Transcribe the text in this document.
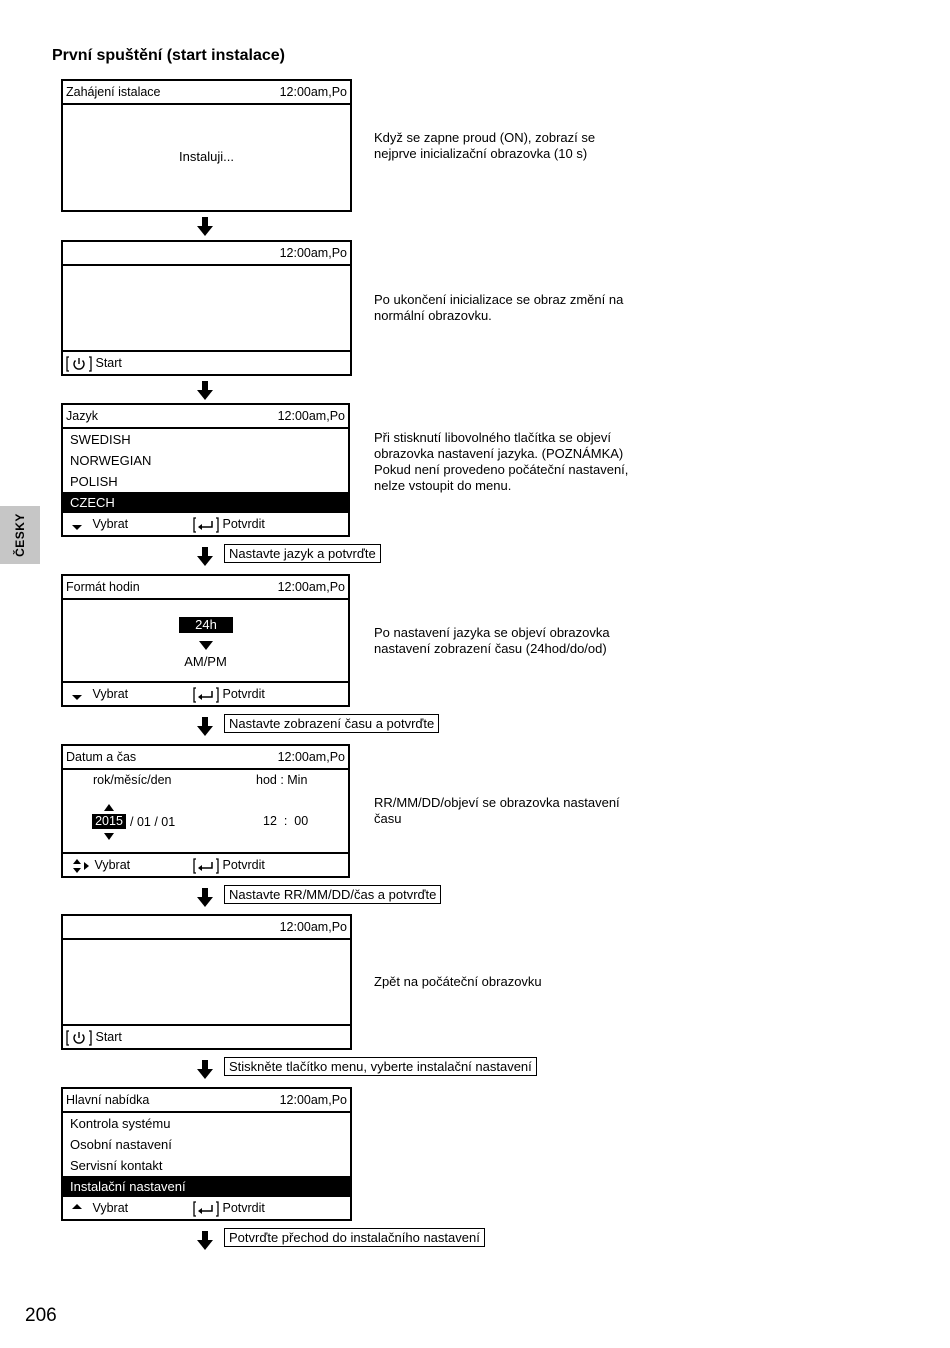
První spuštění (start instalace)
ČESKY
Zahájení istalace	12:00am,Po
Instaluji...
Když se zapne proud (ON), zobrazí se nejprve inicializační obrazovka (10 s)
12:00am,Po
Start
Po ukončení inicializace se obraz změní na normální obrazovku.
Jazyk	12:00am,Po
SWEDISH
NORWEGIAN
POLISH
CZECH
Vybrat	Potvrdit
Při stisknutí libovolného tlačítka se objeví obrazovka nastavení jazyka. (POZNÁMKA) Pokud není provedeno počáteční nastavení, nelze vstoupit do menu.
Nastavte jazyk a potvrďte
Formát hodin	12:00am,Po
24h
AM/PM
Vybrat	Potvrdit
Po nastavení jazyka se objeví obrazovka nastavení zobrazení času (24hod/do/od)
Nastavte zobrazení času a potvrďte
Datum a čas	12:00am,Po
rok/měsíc/den	hod : Min
2015 / 01 / 01	12  :  00
Vybrat	Potvrdit
RR/MM/DD/objeví se obrazovka nastavení času
Nastavte RR/MM/DD/čas a potvrďte
12:00am,Po
Start
Zpět na počáteční obrazovku
Stiskněte tlačítko menu, vyberte instalační nastavení
Hlavní nabídka	12:00am,Po
Kontrola systému
Osobní nastavení
Servisní kontakt
Instalační nastavení
Vybrat	Potvrdit
Potvrďte přechod do instalačního nastavení
206
